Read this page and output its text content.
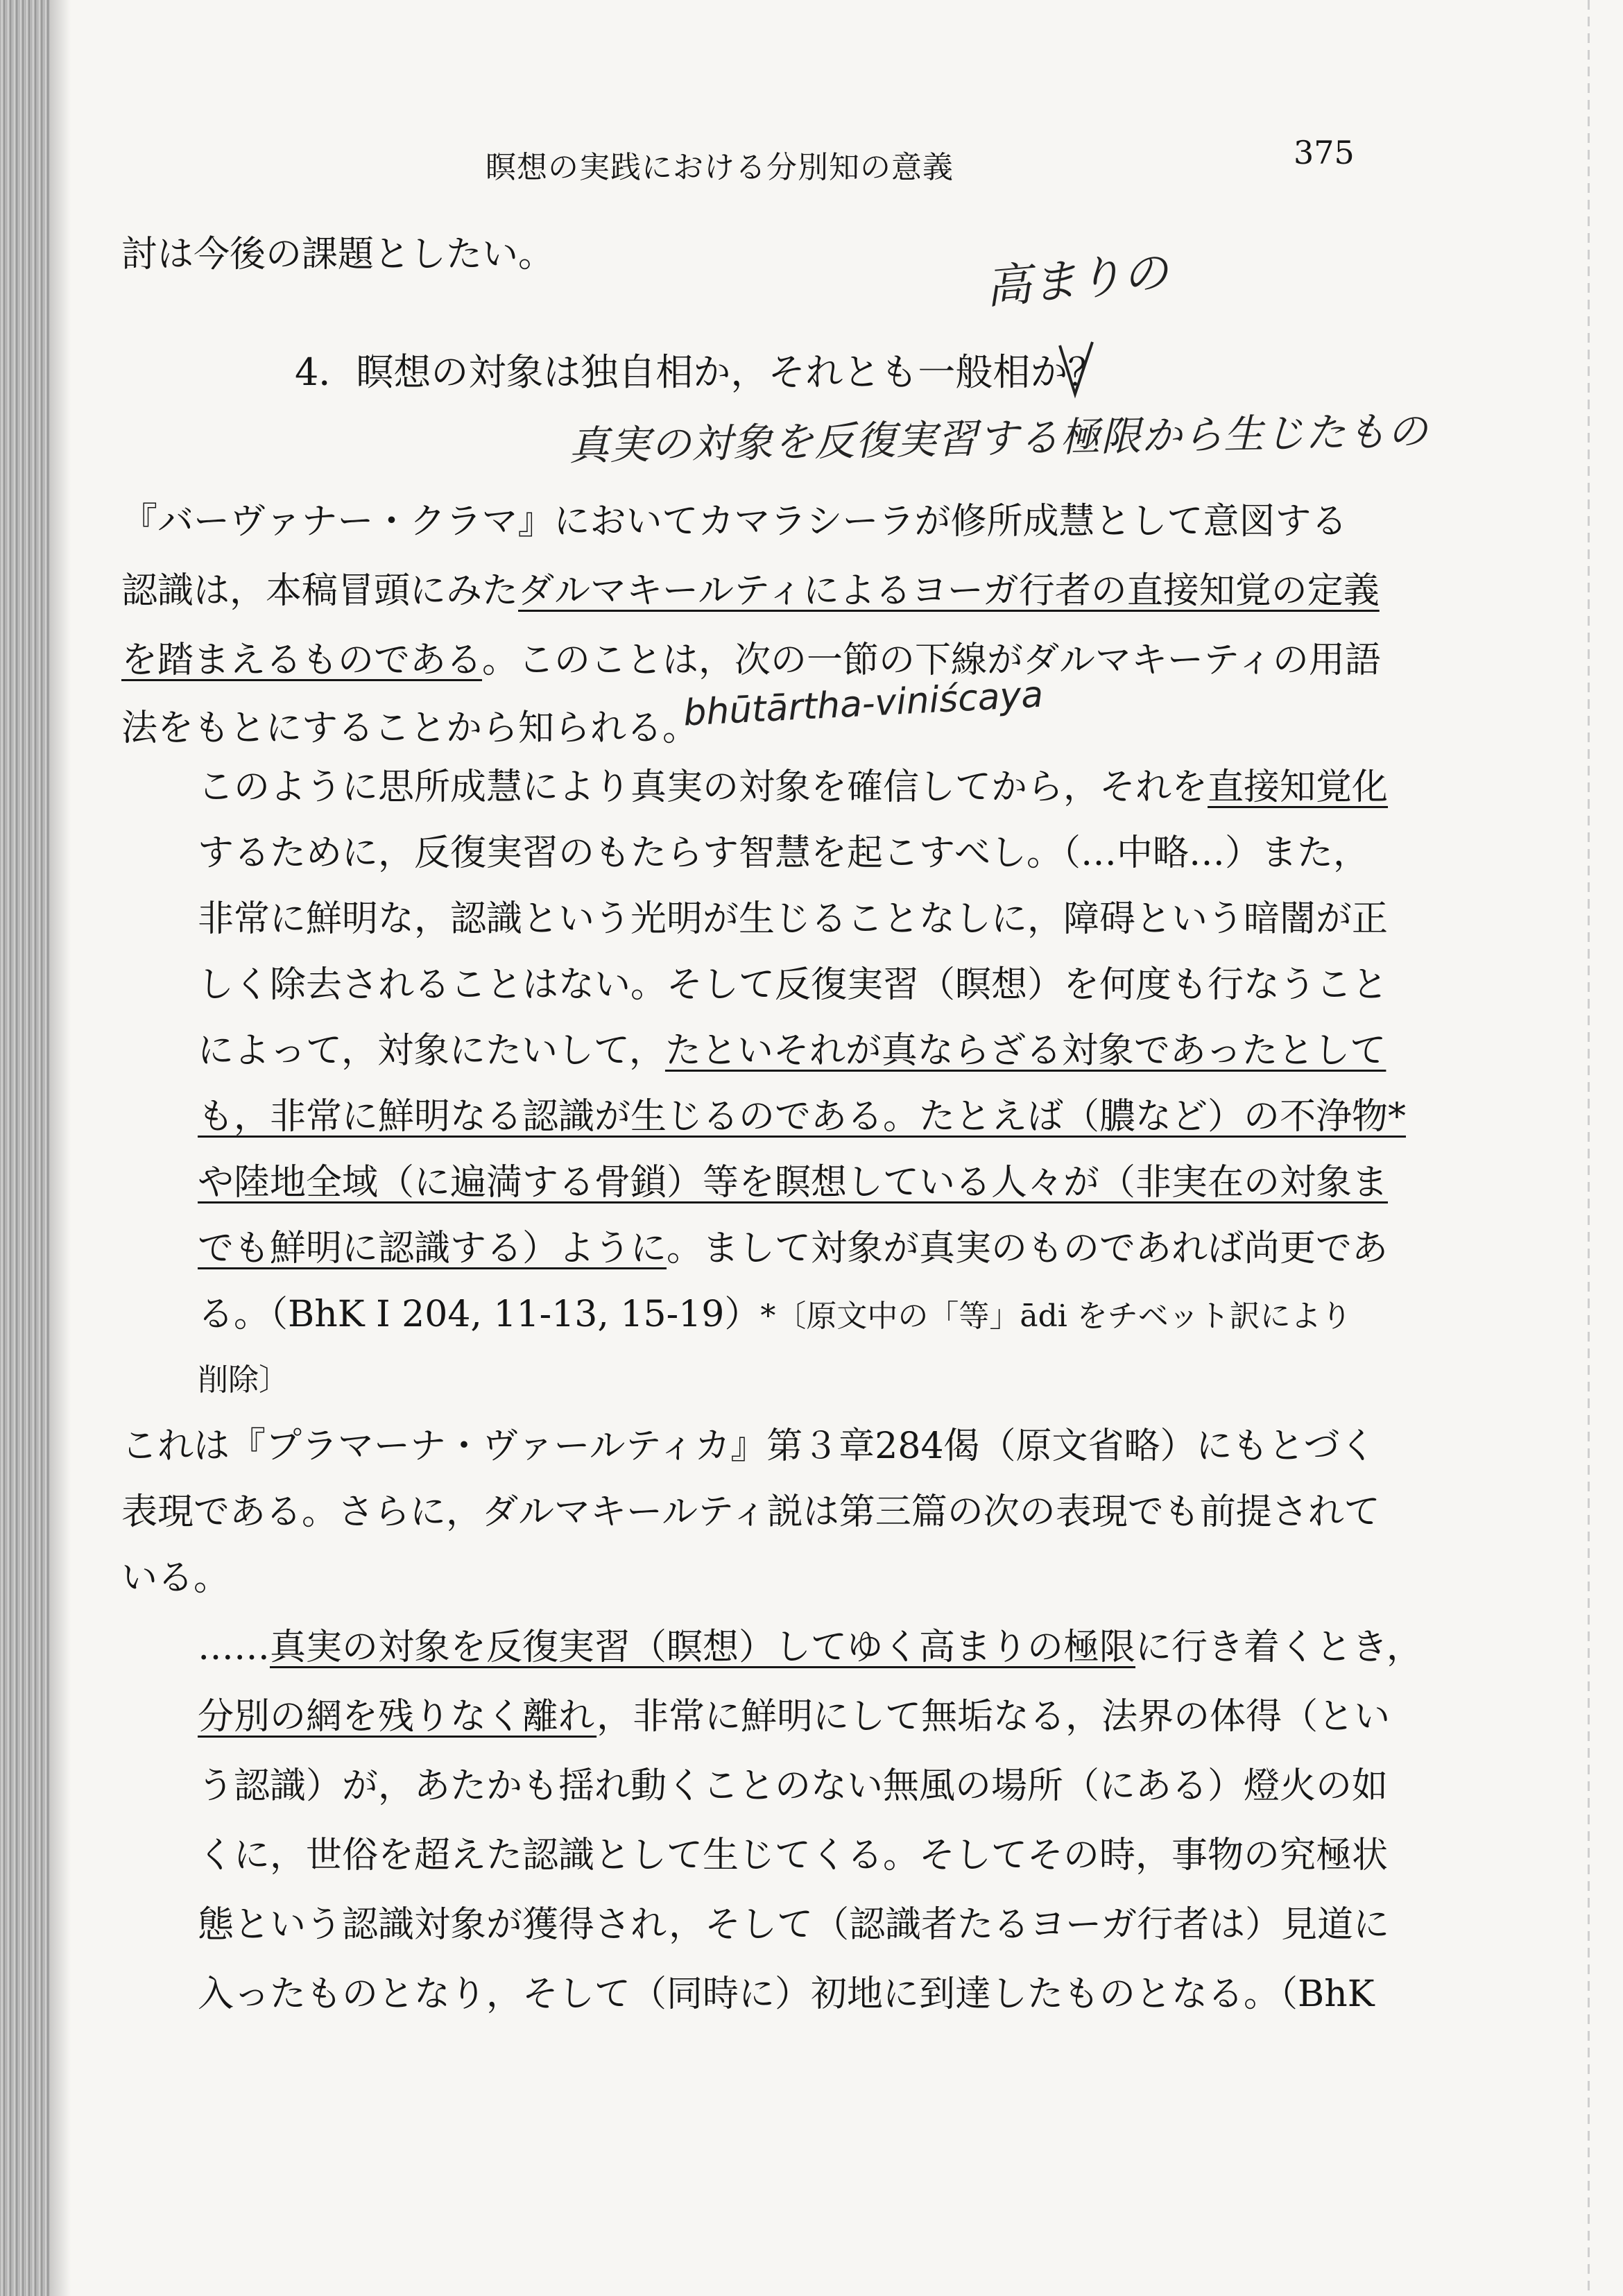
瞑想の実践における分別知の意義	375
討は今後の課題としたい。	高まりの
4．瞑想の対象は独自相か，それとも一般相か？
真実の対象を反復実習する極限から生じたもの
『バーヴァナー・クラマ』においてカマラシーラが修所成慧として意図する
認識は，本稿冒頭にみたダルマキールティによるヨーガ行者の直接知覚の定義
を踏まえるものである。このことは，次の一節の下線がダルマキーティの用語
法をもとにすることから知られる。
bhūtārtha-viniścaya
このように思所成慧により真実の対象を確信してから，それを直接知覚化
するために，反復実習のもたらす智慧を起こすべし。（…中略…）また，
非常に鮮明な，認識という光明が生じることなしに，障碍という暗闇が正
しく除去されることはない。そして反復実習（瞑想）を何度も行なうこと
によって，対象にたいして，たといそれが真ならざる対象であったとして
も，非常に鮮明なる認識が生じるのである。たとえば（膿など）の不浄物*
や陸地全域（に遍満する骨鎖）等を瞑想している人々が（非実在の対象ま
でも鮮明に認識する）ように。まして対象が真実のものであれば尚更であ
る。（BhK I 204, 11-13, 15-19）*〔原文中の「等」ādi をチベット訳により
削除〕
これは『プラマーナ・ヴァールティカ』第３章284偈（原文省略）にもとづく
表現である。さらに，ダルマキールティ説は第三篇の次の表現でも前提されて
いる。
……真実の対象を反復実習（瞑想）してゆく高まりの極限に行き着くとき，
分別の網を残りなく離れ，非常に鮮明にして無垢なる，法界の体得（とい
う認識）が，あたかも揺れ動くことのない無風の場所（にある）燈火の如
くに，世俗を超えた認識として生じてくる。そしてその時，事物の究極状
態という認識対象が獲得され，そして（認識者たるヨーガ行者は）見道に
入ったものとなり，そして（同時に）初地に到達したものとなる。（BhK
